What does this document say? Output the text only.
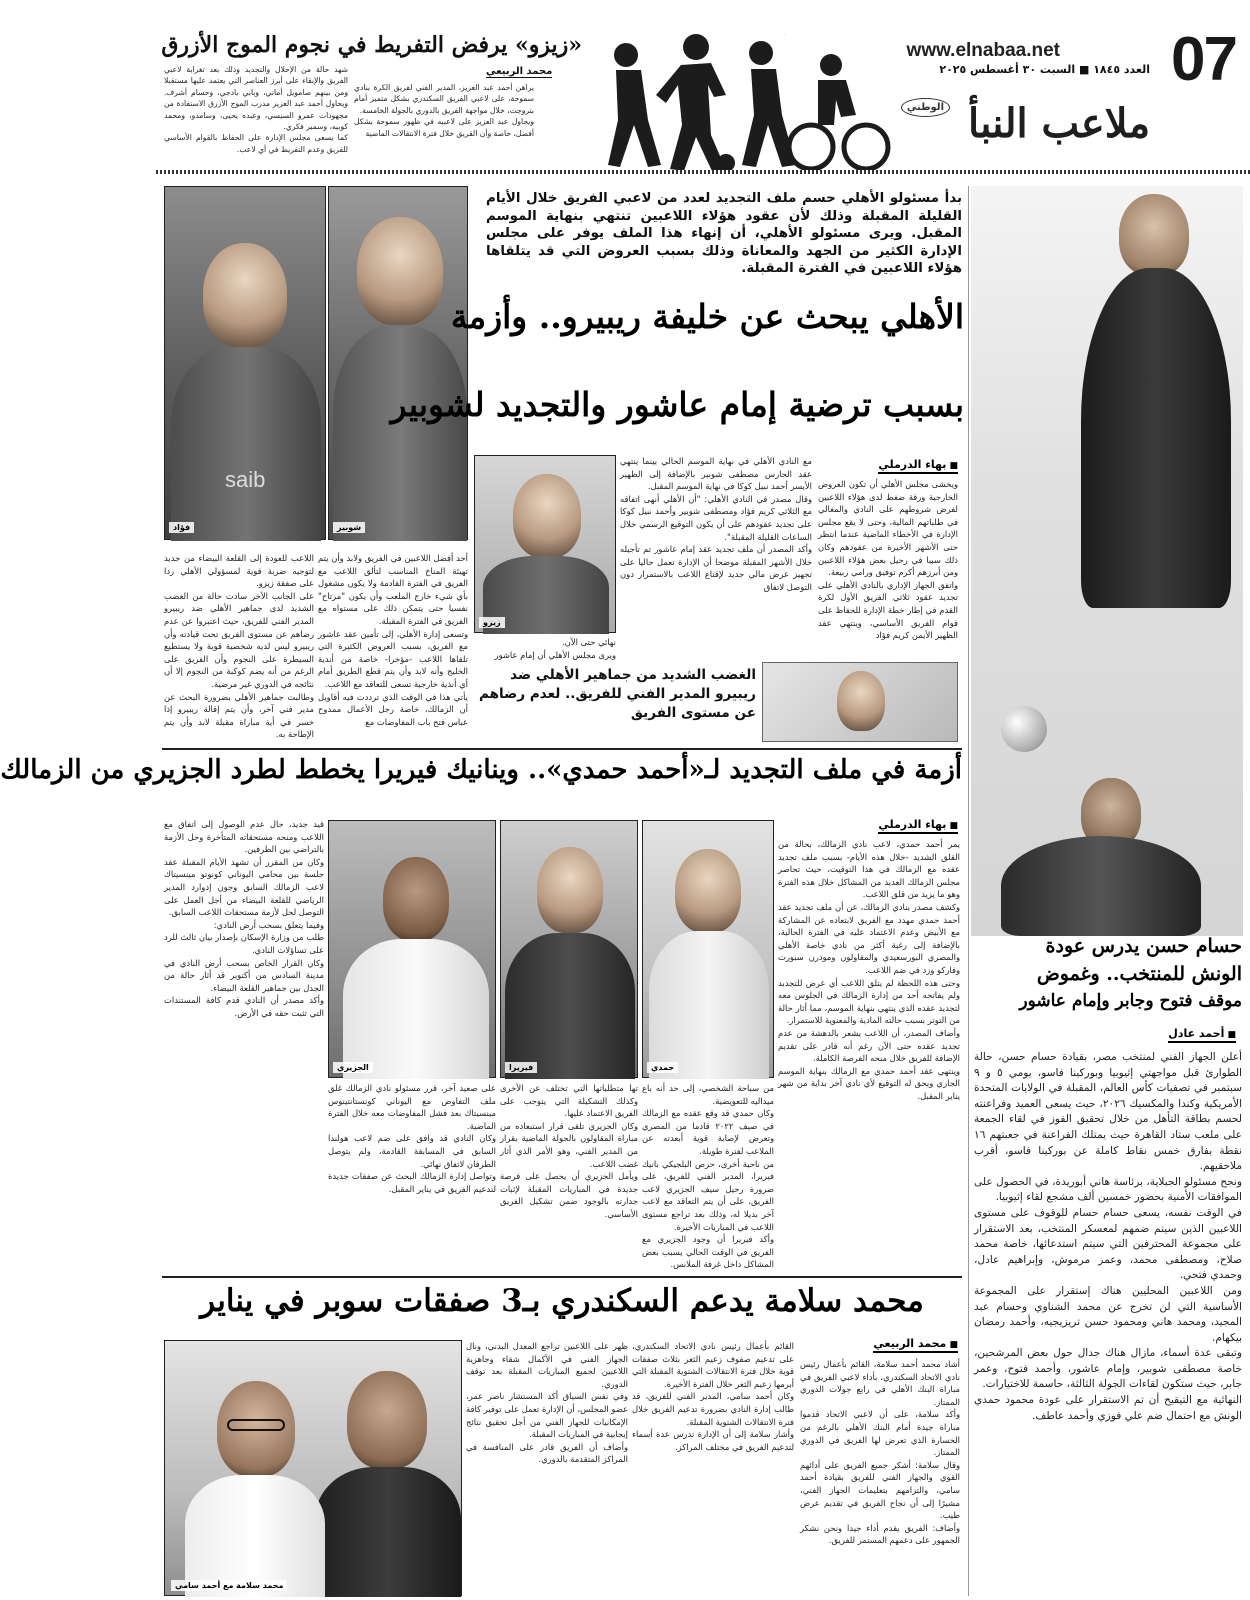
07
www.elnabaa.net
العدد ١٨٤٥ ■ السبت ٣٠ أغسطس ٢٠٢٥
ملاعب النبأ
الوطني
.
«زيزو» يرفض التفريط في نجوم الموج الأزرق
محمد الربيعي
شهد حالة من الإحلال والتجديد وذلك بعد تغرابة لاعبي الفريق والإبقاء على أبرز العناصر التي يعتمد عليها مستقبلا ومن بينهم صامويل أماتي، وبابي بادجي، وحسام أشرف. ويحاول أحمد عبد العزيز مدرب الموج الأزرق الاستفادة من مجهودات عمرو السيسي، وعبده يحيى، وسامدو، ومحمد كوبيه، وسمير فكري.
كما يسعى مجلس الإدارة على الحفاظ بالقوام الأساسي للفريق وعدم التفريط في أي لاعب.
يراهن أحمد عبد العزيز، المدير الفني لفريق الكرة بنادي سموحة، على لاعبي الفريق السكندري بشكل متميز أمام بتروجت، خلال مواجهة الفريق بالدوري بالجولة الخامسة.
ويحاول عبد العزيز على لاعبيه في ظهور سموحة بشكل أفضل، خاصة وأن الفريق خلال فترة الانتقالات الماضية
حسام حسن يدرس عودة
الونش للمنتخب.. وغموض
موقف فتوح وجابر وإمام عاشور
■ أحمد عادل
أعلن الجهاز الفني لمنتخب مصر، بقيادة حسام حسن، حالة الطوارئ قبل مواجهتي إثيوبيا وبوركينا فاسو، يومي ٥ و ٩ سبتمبر في تصفيات كأس العالم، المقبلة في الولايات المتحدة الأمريكية وكندا والمكسيك ٢٠٢٦، حيث يسعى العميد وفراعنته لحسم بطاقة التأهل من خلال تحقيق الفوز في لقاء الجمعة على ملعب ستاد القاهرة حيث يمتلك الفراعنة في جعبتهم ١٦ نقطة بفارق خمس نقاط كاملة عن بوركينا فاسو، أقرب ملاحقيهم.
ونجح مسئولو الجبلاية، برئاسة هاني أبوريدة، في الحصول على الموافقات الأمنية بحضور خمسين ألف مشجع لقاء إثيوبيا.
في الوقت نفسه، يسعى حسام حسام للوقوف على مستوى اللاعبين الذين سيتم ضمهم لمعسكر المنتخب، بعد الاستقرار على مجموعة المحترفين التي سيتم استدعائها، خاصة محمد صلاح، ومصطفى محمد، وعمر مرموش، وإبراهيم عادل، وحمدي فتحي.
ومن اللاعبين المحليين هناك إستقرار على المجموعة الأساسية التي لن تخرج عن محمد الشناوي وحسام عبد المجيد، ومحمد هاني ومحمود حسن تريزيجيه، وأحمد رمضان بيكهام.
وتبقى عدة أسماء، مازال هناك جدال حول بعض المرشحين، خاصة مصطفى شوبير، وإمام عاشور، وأحمد فتوح، وعمر جابر، حيث ستكون لقاءات الجولة الثالثة، حاسمة للاختيارات.
النهائية مع التيقيح أن تم الاستقرار على عودة محمود حمدي الونش مع احتمال ضم علي فوزي وأحمد عاطف.
شوبير
saib
فؤاد
بدأ مسئولو الأهلي حسم ملف التجديد لعدد من لاعبي الفريق خلال الأيام القليلة المقبلة وذلك لأن عقود هؤلاء اللاعبين تنتهي بنهاية الموسم المقبل. ويرى مسئولو الأهلي، أن إنهاء هذا الملف يوفر على مجلس الإدارة الكثير من الجهد والمعاناة وذلك بسبب العروض التي قد يتلقاها هؤلاء اللاعبين في الفترة المقبلة.
الأهلي يبحث عن خليفة ريبيرو.. وأزمة
بسبب ترضية إمام عاشور والتجديد لشوبير
■ بهاء الدرملي
ويخشى مجلس الأهلي أن تكون العروض الخارجية ورقة ضغط لدى هؤلاء اللاعبين لفرض شروطهم على النادي والمغالي في طلباتهم المالية، وحتى لا يقع مجلس الإدارة في الأخطاء الماضية عندما انتظر حتى الأشهر الأخيرة من عقودهم وكان ذلك سببا في رحيل بعض هؤلاء اللاعبين ومن أبرزهم أكرم توفيق ورامي ربيعة.
واتفق الجهاز الإداري بالنادي الأهلي على تجديد عقود ثلاثي الفريق الأول لكرة القدم في إطار خطة الإدارة للحفاظ على قوام الفريق الأساسي، وينتهي عقد الظهير الأيمن كريم فؤاد
مع النادي الأهلي في نهاية الموسم الحالي بينما ينتهي عقد الحارس مصطفى شوبير بالإضافة إلى الظهير الأيسر أحمد نبيل كوكا في نهاية الموسم المقبل.
وقال مصدر في النادي الأهلي: "أن الأهلي أنهى اتفاقه مع الثلاثي كريم فؤاد ومصطفى شوبير وأحمد نبيل كوكا على تجديد عقودهم على أن يكون التوقيع الرسمي خلال الساعات القليلة المقبلة".
وأكد المصدر أن ملف تجديد عقد إمام عاشور تم تأجيله خلال الأشهر المقبلة موضحا أن الإدارة تعمل حاليا على تجهيز عرض مالي جديد لإقناع اللاعب بالاستمرار دون التوصل لاتفاق
زيزو
نهائي حتى الآن.
ويرى مجلس الأهلي أن إمام عاشور
أحد أفضل اللاعبين في الفريق ولابد وأن يتم تهيئة المناخ المناسب لتألق اللاعب مع الفريق في الفترة القادمة ولا يكون مشغول بأي شيء خارج الملعب وأن يكون "مرتاح" نفسيا حتى يتمكن ذلك على مستواه مع الفريق في الفترة المقبلة.
وتسعى إدارة الأهلي، إلى تأمين عقد عاشور مع الفريق، بسبب العروض الكثيرة التي تلقاها اللاعب -مؤخرا- خاصة من أندية الخليج وأنه لابد وأن يتم قطع الطريق أمام أي أندية خارجية تسعى للتعاقد مع اللاعب.
يأتي هذا في الوقت الذي ترددت فيه أقاويل أن الزمالك، خاصة رجل الأعمال ممدوح عباس فتح باب المفاوضات مع
اللاعب للعودة إلى القلعة البيضاء من جديد لتوجيه ضربة قوية لمسؤولي الأهلي ردا على صفقة زيزو.
على الجانب الآخر سادت حالة من الغضب الشديد لدى جماهير الأهلي ضد ريبيرو المدير الفني للفريق، حيث اعتبروا عن عدم رضاهم عن مستوى الفريق تحت قيادته وأن ريبيرو ليس لديه شخصية قوية ولا يستطيع السيطرة على النجوم وأن الفريق على الرغم من أنه يضم كوكبة من النجوم إلا أن نتائجه في الدوري غير مرضية.
وطالبت جماهير الأهلي بضرورة البحث عن مدير فني آخر، وأن يتم إقالة ريبيرو إذا خسر في أية مباراة مقبلة لابد وأن يتم الإطاحة به.
الغضب الشديد من جماهير الأهلي ضد ريبيرو المدير الفني للفريق.. لعدم رضاهم عن مستوى الفريق
أزمة في ملف التجديد لـ«أحمد حمدي».. وينانيك فيريرا يخطط لطرد الجزيري من الزمالك
■ بهاء الدرملي
يمر أحمد حمدي، لاعب نادي الزمالك، بحالة من القلق الشديد -خلال هذه الأيام- بسبب ملف تجديد عقده مع الزمالك في هذا التوقيت، حيث تحاصر مجلس الزمالك العديد من المشاكل خلال هذه الفترة وهو ما يزيد من قلق اللاعب.
وكشف مصدر بنادي الزمالك، عن أن ملف تجديد عقد أحمد حمدي مهدد مع الفريق لابتعاده عن المشاركة مع الأبيض وعدم الاعتماد عليه في الفترة الحالية، بالإضافة إلى رغبة أكثر من نادي خاصة الأهلي والمصري البورسعيدي والمقاولون ومودرن سبورت وفاركو وزد في ضم اللاعب.
وحتى هذه اللحظة لم يتلق اللاعب أي عرض للتجديد ولم يفاتحه أحد من إدارة الزمالك في الجلوس معه لتجديد عقده الذي ينتهي بنهاية الموسم، مما أثار حالة من التوتر بسبب حالته المادية والمعنوية للاستمرار.
وأضاف المصدر، أن اللاعب يشعر بالدهشة من عدم تجديد عقده حتى الآن رغم أنه قادر على تقديم الإضافة للفريق خلال منحه الفرصة الكاملة.
وينتهي عقد أحمد حمدي مع الزمالك بنهاية الموسم الجاري ويحق له التوقيع لأي نادي آخر بداية من شهر يناير المقبل.
حمدي
فيريرا
الجزيري
قيد جديد، حال عدم الوصول إلى اتفاق مع اللاعب ومنحه مستحقاته المتأخرة وحل الأزمة بالتراضي بين الطرفين.
وكان من المقرر أن تشهد الأيام المقبلة عقد جلسة بين محامي اليوناني كونوتو مينسيتاك لاعب الزمالك السابق وجون إدوارد المدير الرياضي للقلعة البيضاء من أجل العمل على التوصل لحل لأزمة مستحقات اللاعب السابق.
وفيما يتعلق بسحب أرض النادي:
طلب من وزارة الإسكان بإصدار بيان ثالث للرد على تساؤلات النادي.
وكان القرار الخاص بسحب أرض النادي في مدينة السادس من أكتوبر قد أثار حالة من الجدل بين جماهير القلعة البيضاء.
وأكد مصدر أن النادي قدم كافة المستندات التي تثبت حقه في الأرض.
من سباحة الشخصي، إلى حد أنه باع ميداليه للتعويضية.
وكان حمدي قد وقع عقده مع الزمالك في صيف ٢٠٢٢ قادما من المصري وتعرض لإصابة قوية أبعدته عن الملاعب لفترة طويلة.
من ناحية أخرى، حرص البلجيكي بانيك فيريرا، المدير الفني للفريق، على ضرورة رحيل سيف الجزيري لاعب الفريق، على أن يتم التعاقد مع لاعب آخر بديلا له، وذلك بعد تراجع مستوى اللاعب في المباريات الأخيرة.
وأكد فيريرا أن وجود الجزيري مع الفريق في الوقت الحالي يسبب بعض المشاكل داخل غرفة الملابس.
تها متطلباتها التي تختلف عن الأخرى وكذلك التشكيلة التي يتوجب على الفريق الاعتماد عليها.
وكان الجزيري تلقى قرار استبعاده من مباراة المقاولون بالجولة الماضية بقرار من المدير الفني، وهو الأمر الذي أثار غضب اللاعب.
ويأمل الجزيري أن يحصل على فرصة جديدة في المباريات المقبلة لإثبات جدارته بالوجود ضمن تشكيل الفريق الأساسي.
على صعيد آخر، قرر مسئولو نادي الزمالك غلق ملف التفاوض مع اليوناني كونستانتينوس مينسيتاك بعد فشل المفاوضات معه خلال الفترة الماضية.
وكان النادي قد وافق على ضم لاعب هولندا السابق في المسابقة القادمة، ولم يتوصل الطرفان لاتفاق نهائي.
وتواصل إدارة الزمالك البحث عن صفقات جديدة لتدعيم الفريق في يناير المقبل.
محمد سلامة يدعم السكندري بـ3 صفقات سوبر في يناير
■ محمد الربيعي
أشاد محمد أحمد سلامة، القائم بأعمال رئيس نادي الاتحاد السكندري، بأداء لاعبي الفريق في مباراة البنك الأهلي في رابع جولات الدوري الممتاز.
وأكد سلامة، على أن لاعبي الاتحاد قدموا مباراة جيدة أمام البنك الأهلي بالرغم من الخسارة الذي تعرض لها الفريق في الدوري الممتاز.
وقال سلامة: أشكر جميع الفريق على أدائهم القوي والجهاز الفني للفريق بقيادة أحمد سامي، والتزامهم بتعليمات الجهاز الفني، مشيرًا إلى أن نجاح الفريق في تقديم عرض طيب.
وأضاف: الفريق يقدم أداء جيدا ونحن نشكر الجمهور على دعمهم المستمر للفريق.
القائم بأعمال رئيس نادي الاتحاد السكندري، على تدعيم صفوف زعيم الثغر بثلاث صفقات قوية خلال فترة الانتقالات الشتوية المقبلة التي أبرمها زعيم الثغر خلال الفترة الأخيرة.
وكان أحمد سامي، المدير الفني للفريق، قد طالب إدارة النادي بضرورة تدعيم الفريق خلال فترة الانتقالات الشتوية المقبلة.
وأشار سلامة إلى أن الإدارة تدرس عدة أسماء لتدعيم الفريق في مختلف المراكز.
ظهر على اللاعبين تراجع المعدل البدني، ونال الجهاز الفني في الأكمال شقاء وجاهزية اللاعبين لجميع المباريات المقبلة بعد توقف الدوري.
وفي نفس السياق أكد المستشار ناصر عمر، عضو المجلس، أن الإدارة تعمل على توفير كافة الإمكانيات للجهاز الفني من أجل تحقيق نتائج إيجابية في المباريات المقبلة.
وأضاف أن الفريق قادر على المنافسة في المراكز المتقدمة بالدوري.
محمد سلامة مع أحمد سامي
